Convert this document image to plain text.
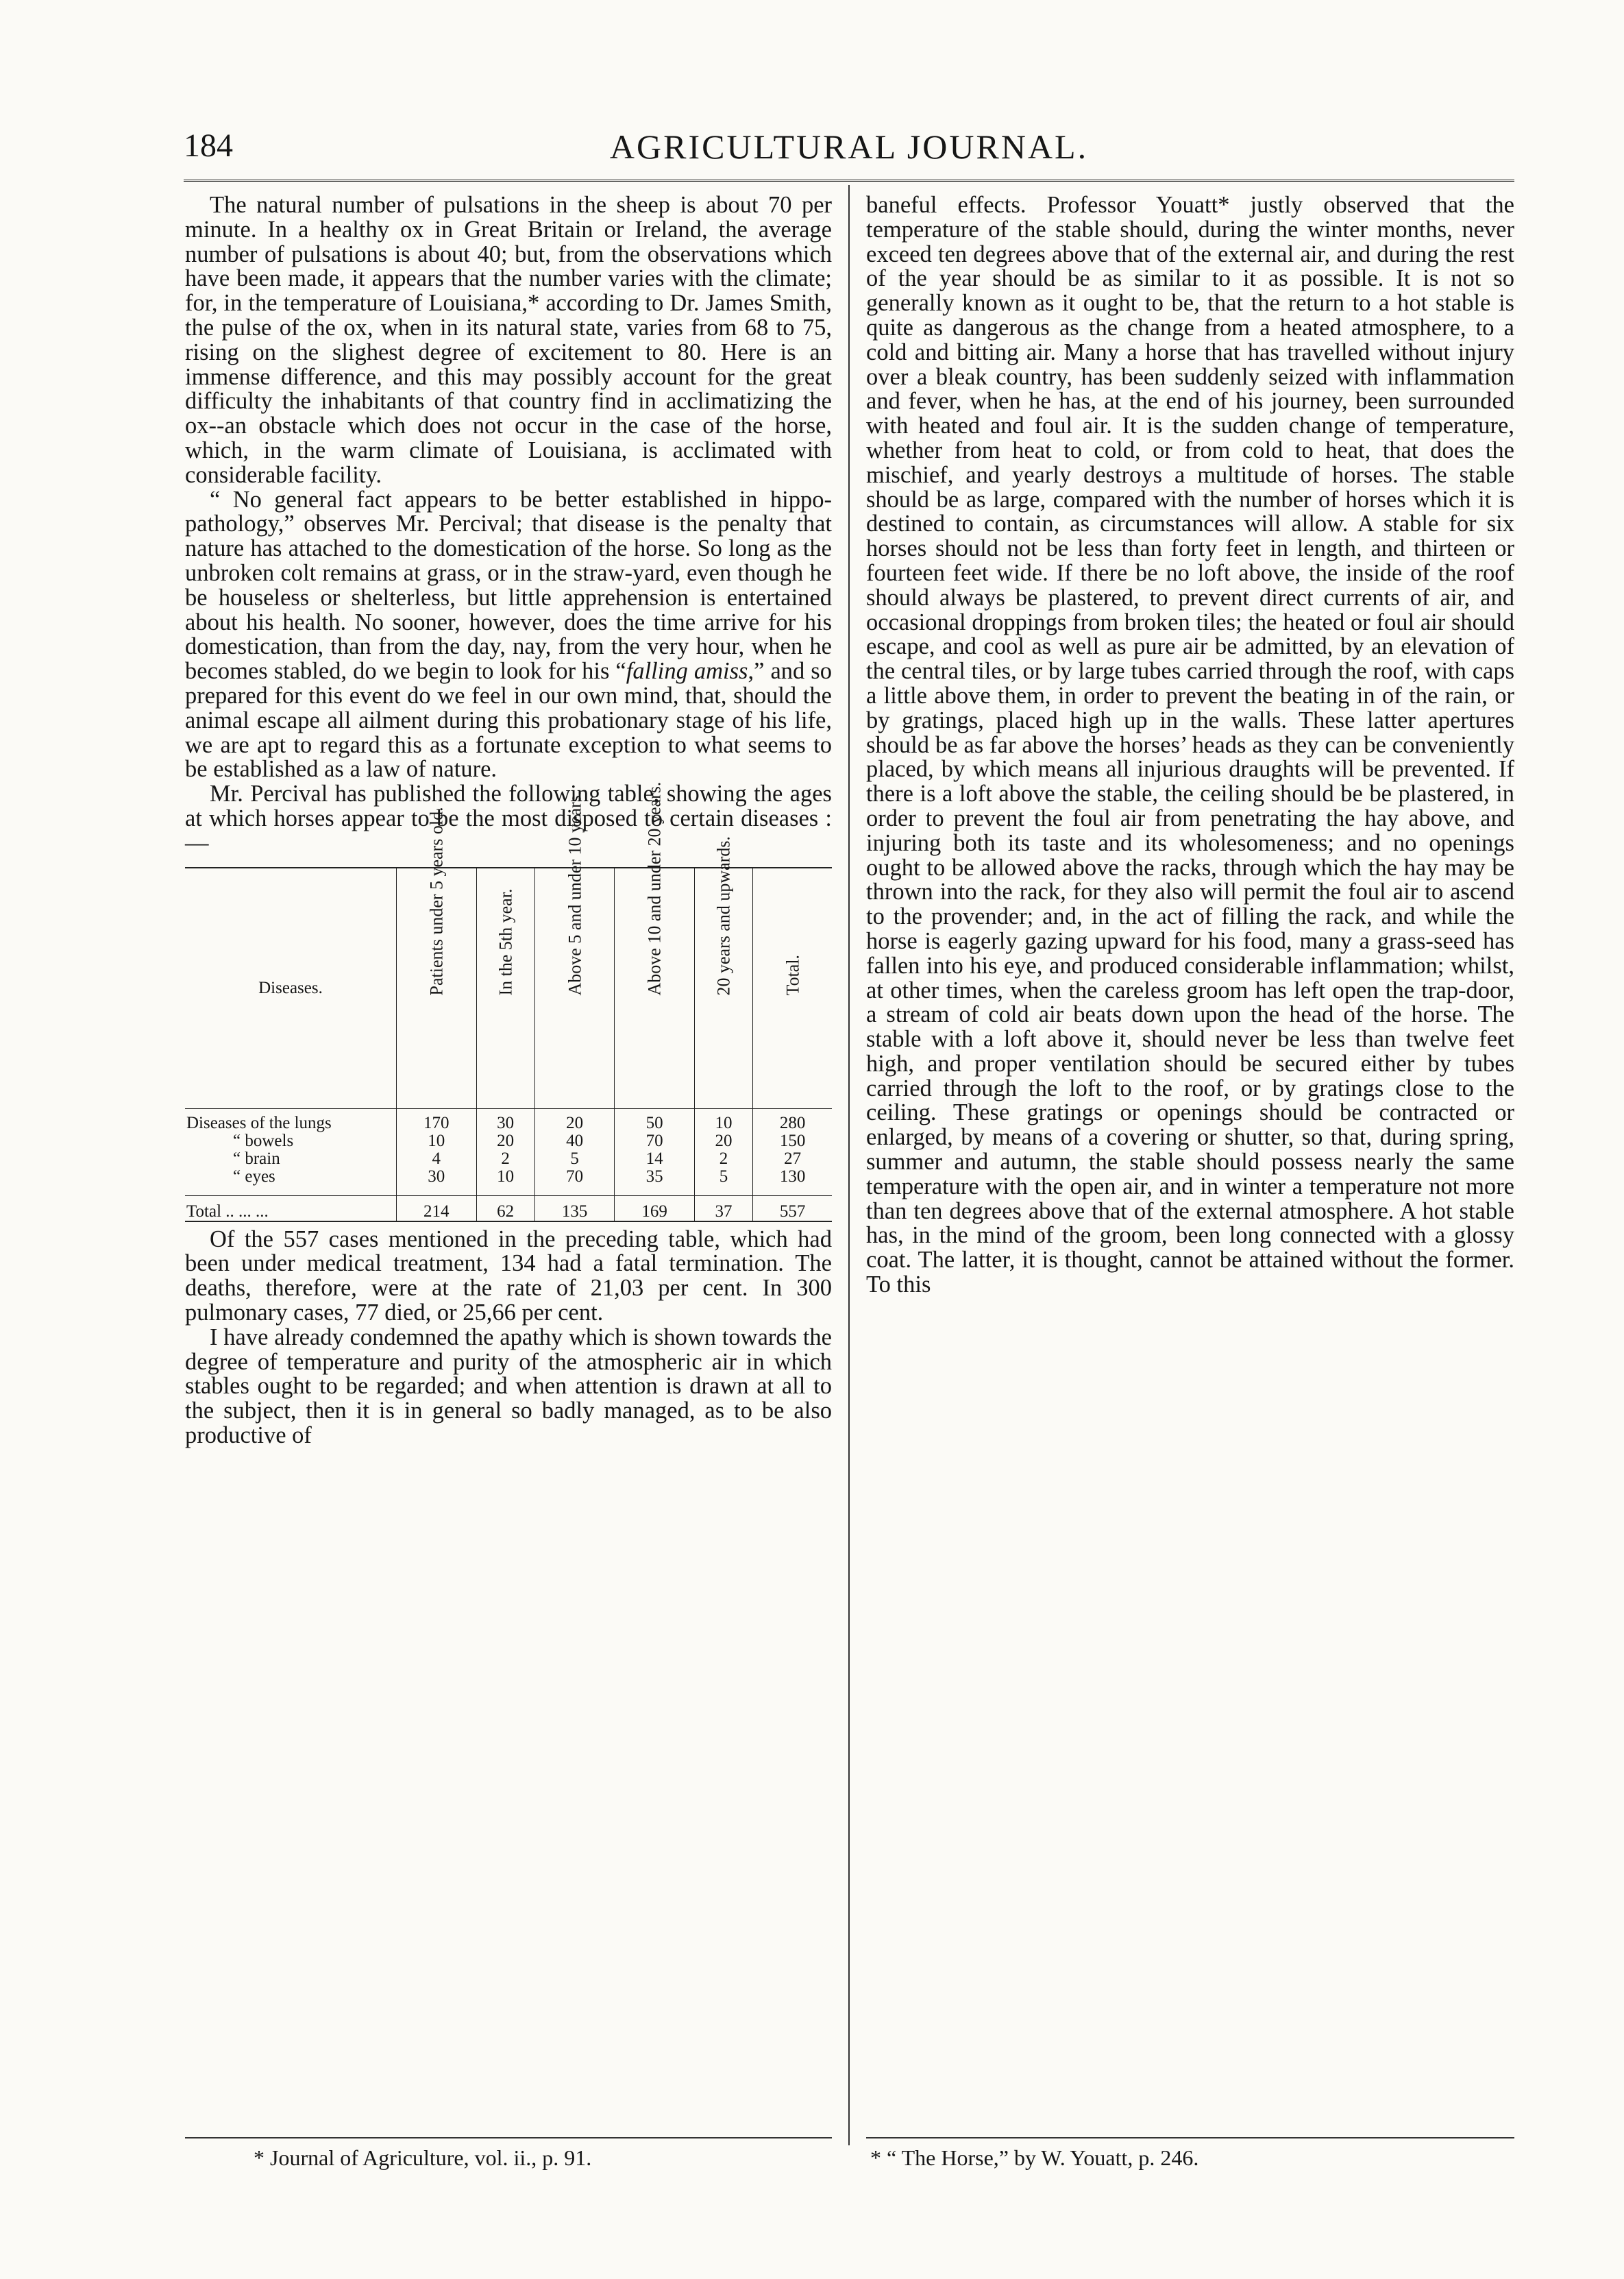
184	AGRICULTURAL JOURNAL.

The natural number of pulsations in the sheep is about 70 per minute. In a healthy ox in Great Britain or Ireland, the average number of pulsations is about 40; but, from the observations which have been made, it appears that the number varies with the climate; for, in the temperature of Louisiana,* according to Dr. James Smith, the pulse of the ox, when in its natural state, varies from 68 to 75, rising on the slighest degree of excitement to 80. Here is an immense difference, and this may possibly account for the great difficulty the inhabitants of that country find in acclimatizing the ox--an obstacle which does not occur in the case of the horse, which, in the warm climate of Louisiana, is acclimated with considerable facility.

“ No general fact appears to be better established in hippo-pathology,” observes Mr. Percival; that disease is the penalty that nature has attached to the domestication of the horse. So long as the unbroken colt remains at grass, or in the straw-yard, even though he be houseless or shelterless, but little apprehension is entertained about his health. No sooner, however, does the time arrive for his domestication, than from the day, nay, from the very hour, when he becomes stabled, do we begin to look for his “falling amiss,” and so prepared for this event do we feel in our own mind, that, should the animal escape all ailment during this probationary stage of his life, we are apt to regard this as a fortunate exception to what seems to be established as a law of nature.

Mr. Percival has published the following table, showing the ages at which horses appear to be the most disposed to certain diseases :—

Diseases.	Patients under 5 years old.	In the 5th year.	Above 5 and under 10 years.	Above 10 and under 20 years.	20 years and upwards.	Total.
Diseases of the lungs	170	30	20	50	10	280
“ bowels	10	20	40	70	20	150
“ brain	4	2	5	14	2	27
“ eyes	30	10	70	35	5	130
Total .. ... ...	214	62	135	169	37	557

Of the 557 cases mentioned in the preceding table, which had been under medical treatment, 134 had a fatal termination. The deaths, therefore, were at the rate of 21,03 per cent. In 300 pulmonary cases, 77 died, or 25,66 per cent.

I have already condemned the apathy which is shown towards the degree of temperature and purity of the atmospheric air in which stables ought to be regarded; and when attention is drawn at all to the subject, then it is in general so badly managed, as to be also productive of

baneful effects. Professor Youatt* justly observed that the temperature of the stable should, during the winter months, never exceed ten degrees above that of the external air, and during the rest of the year should be as similar to it as possible. It is not so generally known as it ought to be, that the return to a hot stable is quite as dangerous as the change from a heated atmosphere, to a cold and bitting air. Many a horse that has travelled without injury over a bleak country, has been suddenly seized with inflammation and fever, when he has, at the end of his journey, been surrounded with heated and foul air. It is the sudden change of temperature, whether from heat to cold, or from cold to heat, that does the mischief, and yearly destroys a multitude of horses. The stable should be as large, compared with the number of horses which it is destined to contain, as circumstances will allow. A stable for six horses should not be less than forty feet in length, and thirteen or fourteen feet wide. If there be no loft above, the inside of the roof should always be plastered, to prevent direct currents of air, and occasional droppings from broken tiles; the heated or foul air should escape, and cool as well as pure air be admitted, by an elevation of the central tiles, or by large tubes carried through the roof, with caps a little above them, in order to prevent the beating in of the rain, or by gratings, placed high up in the walls. These latter apertures should be as far above the horses’ heads as they can be conveniently placed, by which means all injurious draughts will be prevented. If there is a loft above the stable, the ceiling should be be plastered, in order to prevent the foul air from penetrating the hay above, and injuring both its taste and its wholesomeness; and no openings ought to be allowed above the racks, through which the hay may be thrown into the rack, for they also will permit the foul air to ascend to the provender; and, in the act of filling the rack, and while the horse is eagerly gazing upward for his food, many a grass-seed has fallen into his eye, and produced considerable inflammation; whilst, at other times, when the careless groom has left open the trap-door, a stream of cold air beats down upon the head of the horse. The stable with a loft above it, should never be less than twelve feet high, and proper ventilation should be secured either by tubes carried through the loft to the roof, or by gratings close to the ceiling. These gratings or openings should be contracted or enlarged, by means of a covering or shutter, so that, during spring, summer and autumn, the stable should possess nearly the same temperature with the open air, and in winter a temperature not more than ten degrees above that of the external atmosphere. A hot stable has, in the mind of the groom, been long connected with a glossy coat. The latter, it is thought, cannot be attained without the former. To this

* Journal of Agriculture, vol. ii., p. 91.	* “ The Horse,” by W. Youatt, p. 246.
